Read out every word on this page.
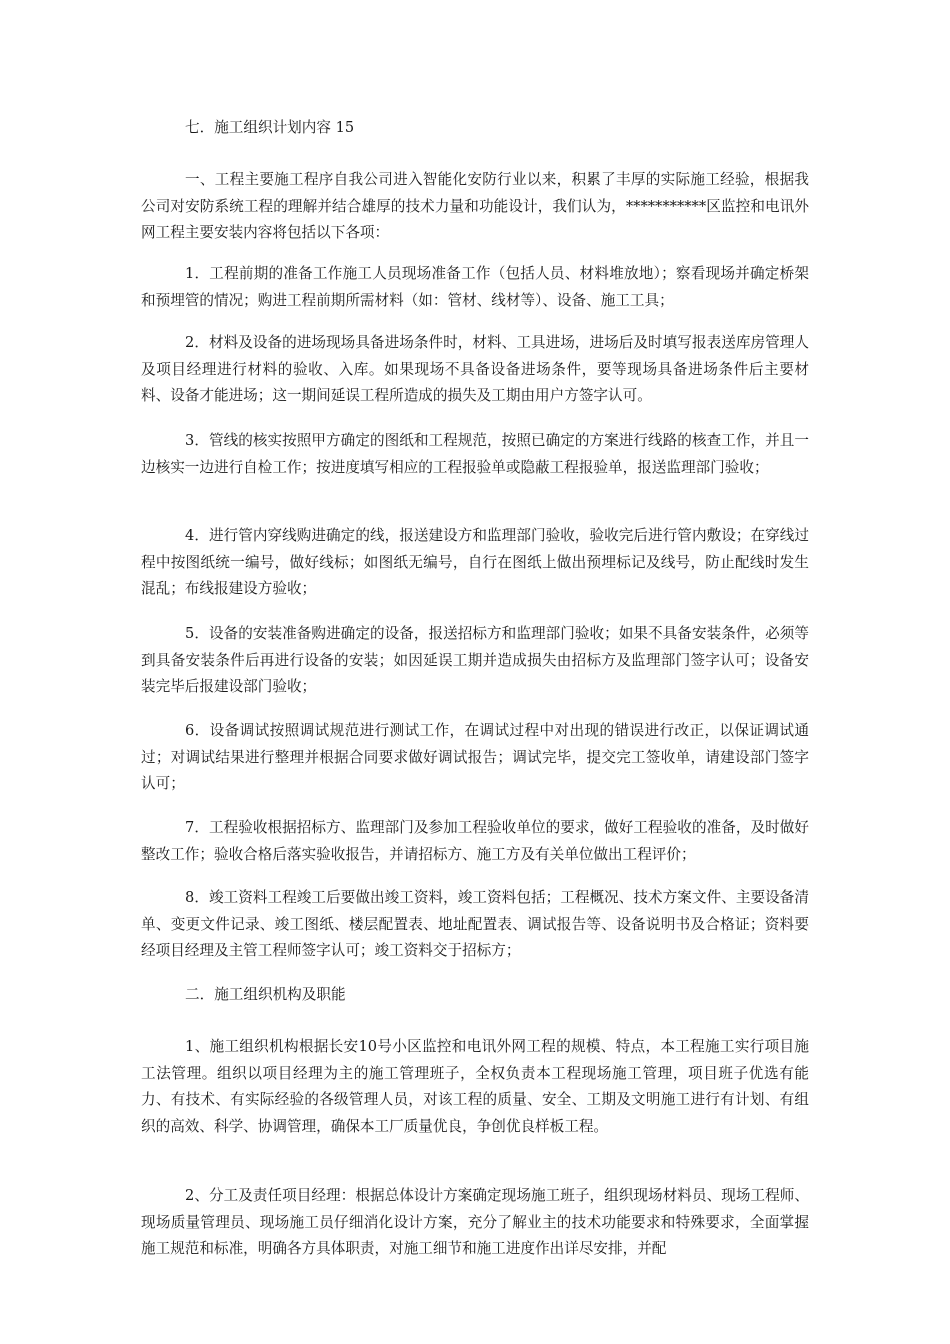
七．施工组织计划内容 15

一、工程主要施工程序自我公司进入智能化安防行业以来，积累了丰厚的实际施工经验，根据我公司对安防系统工程的理解并结合雄厚的技术力量和功能设计，我们认为，***********区监控和电讯外网工程主要安装内容将包括以下各项：

1．工程前期的准备工作施工人员现场准备工作（包括人员、材料堆放地）；察看现场并确定桥架和预埋管的情况；购进工程前期所需材料（如：管材、线材等）、设备、施工工具；

2．材料及设备的进场现场具备进场条件时，材料、工具进场，进场后及时填写报表送库房管理人及项目经理进行材料的验收、入库。如果现场不具备设备进场条件，要等现场具备进场条件后主要材料、设备才能进场；这一期间延误工程所造成的损失及工期由用户方签字认可。

3．管线的核实按照甲方确定的图纸和工程规范，按照已确定的方案进行线路的核查工作，并且一边核实一边进行自检工作；按进度填写相应的工程报验单或隐蔽工程报验单，报送监理部门验收；

4．进行管内穿线购进确定的线，报送建设方和监理部门验收，验收完后进行管内敷设；在穿线过程中按图纸统一编号，做好线标；如图纸无编号，自行在图纸上做出预埋标记及线号，防止配线时发生混乱；布线报建设方验收；

5．设备的安装准备购进确定的设备，报送招标方和监理部门验收；如果不具备安装条件，必须等到具备安装条件后再进行设备的安装；如因延误工期并造成损失由招标方及监理部门签字认可；设备安装完毕后报建设部门验收；

6．设备调试按照调试规范进行测试工作，在调试过程中对出现的错误进行改正，以保证调试通过；对调试结果进行整理并根据合同要求做好调试报告；调试完毕，提交完工签收单，请建设部门签字认可；

7．工程验收根据招标方、监理部门及参加工程验收单位的要求，做好工程验收的准备，及时做好整改工作；验收合格后落实验收报告，并请招标方、施工方及有关单位做出工程评价；

8．竣工资料工程竣工后要做出竣工资料，竣工资料包括；工程概况、技术方案文件、主要设备清单、变更文件记录、竣工图纸、楼层配置表、地址配置表、调试报告等、设备说明书及合格证；资料要经项目经理及主管工程师签字认可；竣工资料交于招标方；

二．施工组织机构及职能

1、施工组织机构根据长安10号小区监控和电讯外网工程的规模、特点，本工程施工实行项目施工法管理。组织以项目经理为主的施工管理班子，全权负责本工程现场施工管理，项目班子优选有能力、有技术、有实际经验的各级管理人员，对该工程的质量、安全、工期及文明施工进行有计划、有组织的高效、科学、协调管理，确保本工厂质量优良，争创优良样板工程。

2、分工及责任项目经理：根据总体设计方案确定现场施工班子，组织现场材料员、现场工程师、现场质量管理员、现场施工员仔细消化设计方案，充分了解业主的技术功能要求和特殊要求，全面掌握施工规范和标准，明确各方具体职责，对施工细节和施工进度作出详尽安排，并配
